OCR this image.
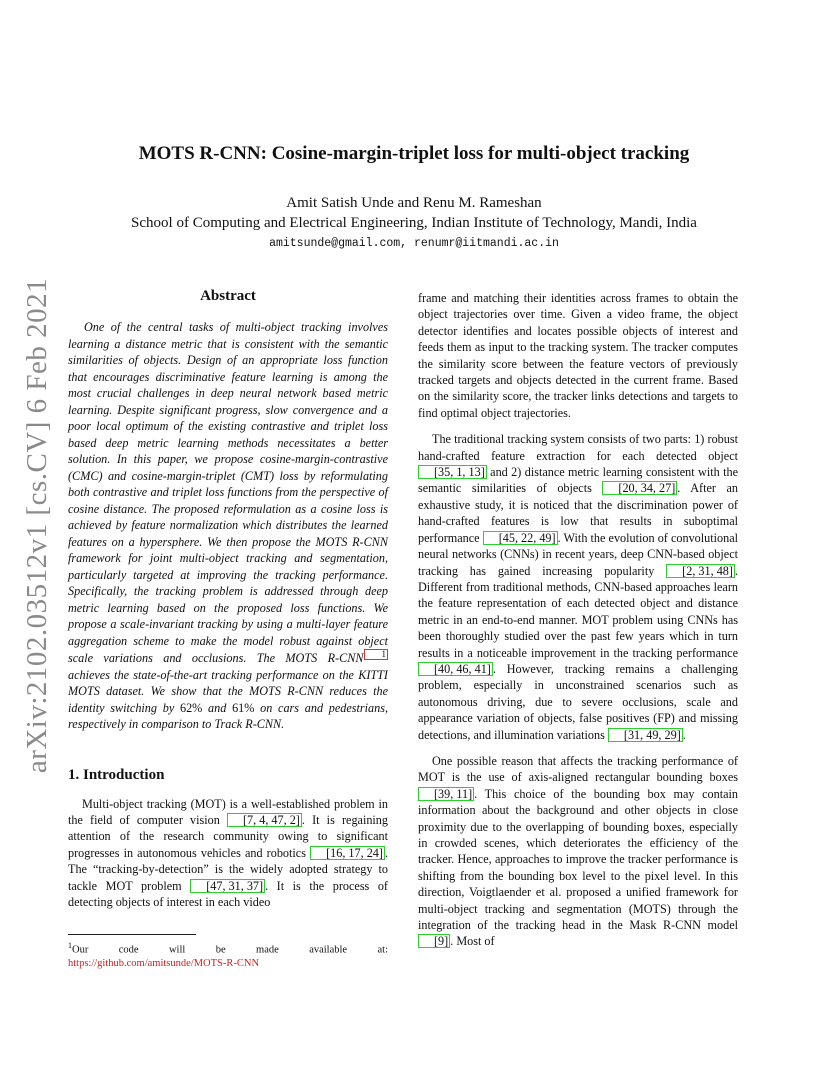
arXiv:2102.03512v1 [cs.CV] 6 Feb 2021
MOTS R-CNN: Cosine-margin-triplet loss for multi-object tracking
Amit Satish Unde and Renu M. Rameshan
School of Computing and Electrical Engineering, Indian Institute of Technology, Mandi, India
amitsunde@gmail.com, renumr@iitmandi.ac.in
Abstract

One of the central tasks of multi-object tracking involves learning a distance metric that is consistent with the semantic similarities of objects. Design of an appropriate loss function that encourages discriminative feature learning is among the most crucial challenges in deep neural network based metric learning. Despite significant progress, slow convergence and a poor local optimum of the existing contrastive and triplet loss based deep metric learning methods necessitates a better solution. In this paper, we propose cosine-margin-contrastive (CMC) and cosine-margin-triplet (CMT) loss by reformulating both contrastive and triplet loss functions from the perspective of cosine distance. The proposed reformulation as a cosine loss is achieved by feature normalization which distributes the learned features on a hypersphere. We then propose the MOTS R-CNN framework for joint multi-object tracking and segmentation, particularly targeted at improving the tracking performance. Specifically, the tracking problem is addressed through deep metric learning based on the proposed loss functions. We propose a scale-invariant tracking by using a multi-layer feature aggregation scheme to make the model robust against object scale variations and occlusions. The MOTS R-CNN 1 achieves the state-of-the-art tracking performance on the KITTI MOTS dataset. We show that the MOTS R-CNN reduces the identity switching by 62% and 61% on cars and pedestrians, respectively in comparison to Track R-CNN.

1. Introduction

Multi-object tracking (MOT) is a well-established problem in the field of computer vision [7, 4, 47, 2] . It is regaining attention of the research community owing to significant progresses in autonomous vehicles and robotics [16, 17, 24] . The “tracking-by-detection” is the widely adopted strategy to tackle MOT problem [47, 31, 37] . It is the process of detecting objects of interest in each video

$^1$Our code will be made available at:
https://github.com/amitsunde/MOTS-R-CNN

frame and matching their identities across frames to obtain the object trajectories over time. Given a video frame, the object detector identifies and locates possible objects of interest and feeds them as input to the tracking system. The tracker computes the similarity score between the feature vectors of previously tracked targets and objects detected in the current frame. Based on the similarity score, the tracker links detections and targets to find optimal object trajectories.

The traditional tracking system consists of two parts: 1) robust hand-crafted feature extraction for each detected object [35, 1, 13] and 2) distance metric learning consistent with the semantic similarities of objects [20, 34, 27] . After an exhaustive study, it is noticed that the discrimination power of hand-crafted features is low that results in suboptimal performance [45, 22, 49] . With the evolution of convolutional neural networks (CNNs) in recent years, deep CNN-based object tracking has gained increasing popularity [2, 31, 48] . Different from traditional methods, CNN-based approaches learn the feature representation of each detected object and distance metric in an end-to-end manner. MOT problem using CNNs has been thoroughly studied over the past few years which in turn results in a noticeable improvement in the tracking performance [40, 46, 41] . However, tracking remains a challenging problem, especially in unconstrained scenarios such as autonomous driving, due to severe occlusions, scale and appearance variation of objects, false positives (FP) and missing detections, and illumination variations [31, 49, 29] .

One possible reason that affects the tracking performance of MOT is the use of axis-aligned rectangular bounding boxes [39, 11] . This choice of the bounding box may contain information about the background and other objects in close proximity due to the overlapping of bounding boxes, especially in crowded scenes, which deteriorates the efficiency of the tracker. Hence, approaches to improve the tracker performance is shifting from the bounding box level to the pixel level. In this direction, Voigtlaender et al. proposed a unified framework for multi-object tracking and segmentation (MOTS) through the integration of the tracking head in the Mask R-CNN model [9] . Most of
